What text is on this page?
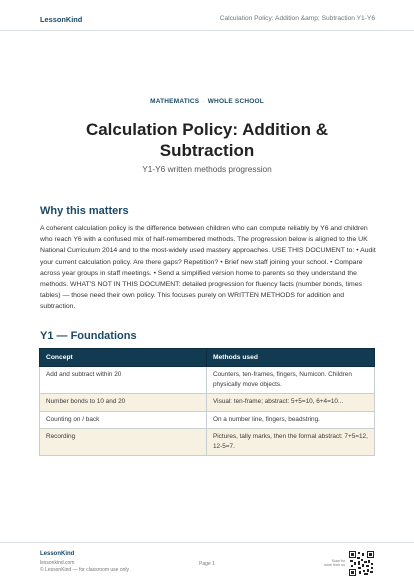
LessonKind	Calculation Policy: Addition &amp; Subtraction Y1-Y6
MATHEMATICS · WHOLE SCHOOL
Calculation Policy: Addition & Subtraction
Y1-Y6 written methods progression
Why this matters

A coherent calculation policy is the difference between children who can compute reliably by Y6 and children who reach Y6 with a confused mix of half-remembered methods. The progression below is aligned to the UK National Curriculum 2014 and to the most-widely used mastery approaches. USE THIS DOCUMENT to: • Audit your current calculation policy. Are there gaps? Repetition? • Brief new staff joining your school. • Compare across year groups in staff meetings. • Send a simplified version home to parents so they understand the methods. WHAT'S NOT IN THIS DOCUMENT: detailed progression for fluency facts (number bonds, times tables) — those need their own policy. This focuses purely on WRITTEN METHODS for addition and subtraction.

Y1 — Foundations
Concept	Methods used
Add and subtract within 20	Counters, ten-frames, fingers, Numicon. Children physically move objects.
Number bonds to 10 and 20	Visual: ten-frame; abstract: 5+5=10, 6+4=10...
Counting on / back	On a number line, fingers, beadstring.
Recording	Pictures, tally marks, then the formal abstract: 7+5=12, 12-5=7.
LessonKind
lessonkind.com
© LessonKind — for classroom use only
Page 1	Scan for
more from us
